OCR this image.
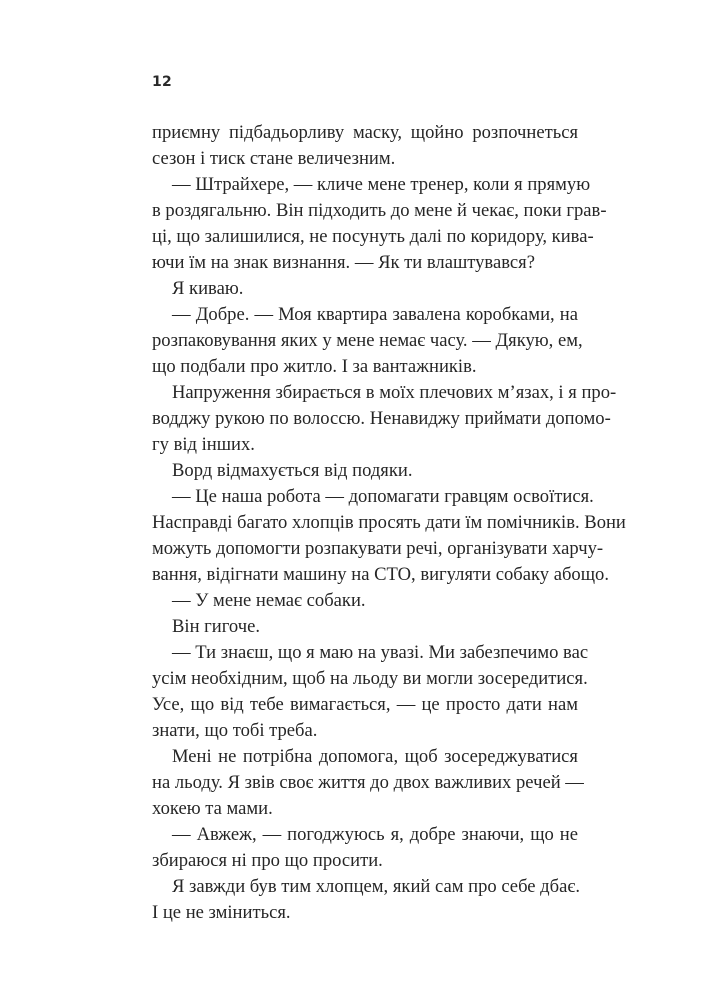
12

приємну підбадьорливу маску, щойно розпочнеться
сезон і тиск стане величезним.

— Штрайхере, — кличе мене тренер, коли я прямую
в роздягальню. Він підходить до мене й чекає, поки грав-
ці, що залишилися, не посунуть далі по коридору, кива-
ючи їм на знак визнання. — Як ти влаштувався?

Я киваю.

— Добре. — Моя квартира завалена коробками, на
розпаковування яких у мене немає часу. — Дякую, ем,
що подбали про житло. І за вантажників.

Напруження збирається в моїх плечових м’язах, і я про-
водджу рукою по волоссю. Ненавиджу приймати допомо-
гу від інших.

Ворд відмахується від подяки.

— Це наша робота — допомагати гравцям освоїтися.
Насправді багато хлопців просять дати їм помічників. Вони
можуть допомогти розпакувати речі, організувати харчу-
вання, відігнати машину на СТО, вигуляти собаку абощо.

— У мене немає собаки.

Він гигоче.

— Ти знаєш, що я маю на увазі. Ми забезпечимо вас
усім необхідним, щоб на льоду ви могли зосередитися.
Усе, що від тебе вимагається, — це просто дати нам
знати, що тобі треба.

Мені не потрібна допомога, щоб зосереджуватися
на льоду. Я звів своє життя до двох важливих речей —
хокею та мами.

— Авжеж, — погоджуюсь я, добре знаючи, що не
збираюся ні про що просити.

Я завжди був тим хлопцем, який сам про себе дбає.
І це не зміниться.
